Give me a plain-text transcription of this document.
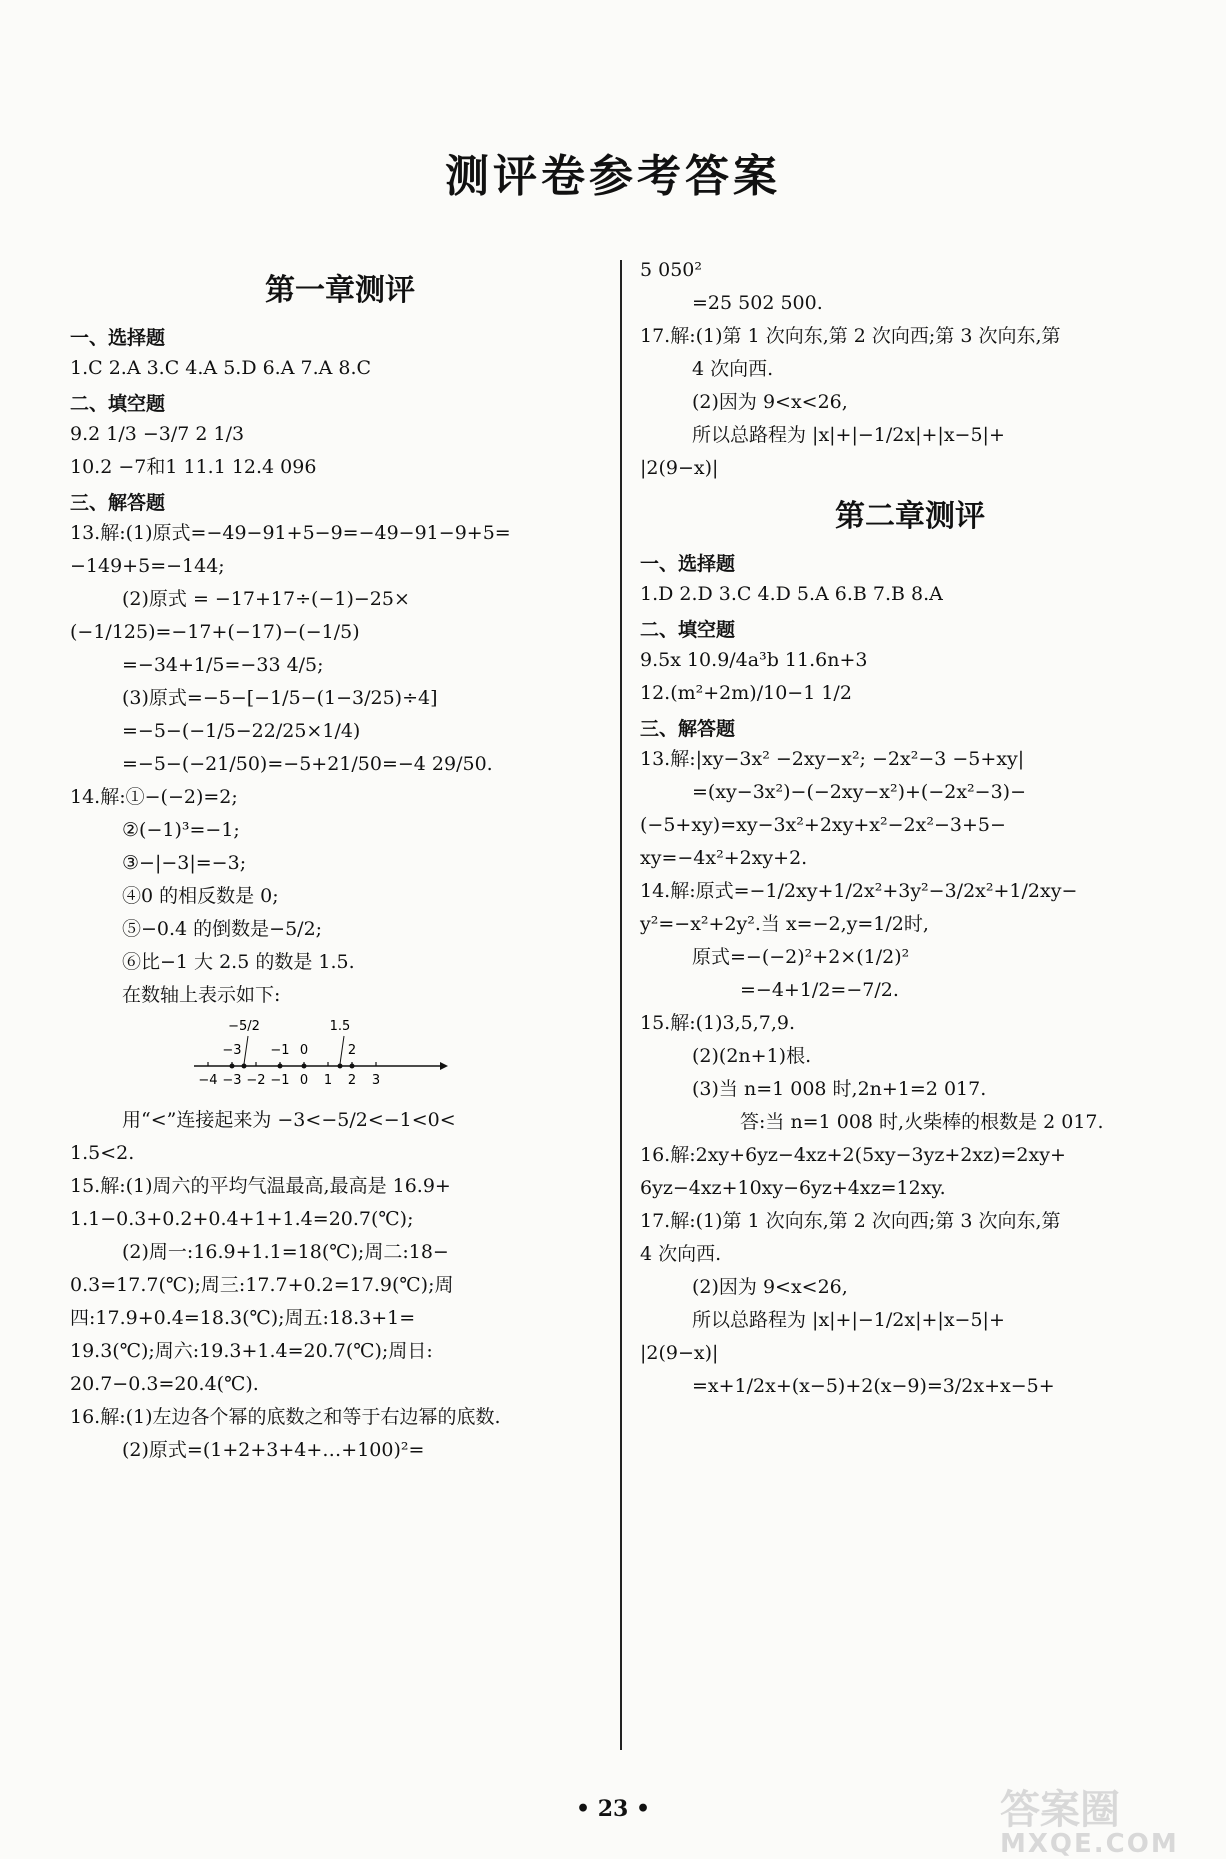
测评卷参考答案
第一章测评
一、选择题
1.C 2.A 3.C 4.A 5.D 6.A 7.A 8.C
二、填空题
9.2 1/3 −3/7 2 1/3
10.2 −7和1 11.1 12.4 096
三、解答题
13.解:(1)原式=−49−91+5−9=−49−91−9+5=
−149+5=−144;
(2)原式 = −17+17÷(−1)−25×
(−1/125)=−17+(−17)−(−1/5)
=−34+1/5=−33 4/5;
(3)原式=−5−[−1/5−(1−3/25)÷4]
=−5−(−1/5−22/25×1/4)
=−5−(−21/50)=−5+21/50=−4 29/50.
14.解:①−(−2)=2;
②(−1)³=−1;
③−|−3|=−3;
④0 的相反数是 0;
⑤−0.4 的倒数是−5/2;
⑥比−1 大 2.5 的数是 1.5.
在数轴上表示如下:
−4 −3 −2 −1 0 1 2 3
−3
−5/2
−1 0
1.5
2
用“<”连接起来为 −3<−5/2<−1<0<
1.5<2.
15.解:(1)周六的平均气温最高,最高是 16.9+
1.1−0.3+0.2+0.4+1+1.4=20.7(℃);
(2)周一:16.9+1.1=18(℃);周二:18−
0.3=17.7(℃);周三:17.7+0.2=17.9(℃);周
四:17.9+0.4=18.3(℃);周五:18.3+1=
19.3(℃);周六:19.3+1.4=20.7(℃);周日:
20.7−0.3=20.4(℃).
16.解:(1)左边各个幂的底数之和等于右边幂的底数.
(2)原式=(1+2+3+4+…+100)²=
5 050²
=25 502 500.
17.解:(1)第 1 次向东,第 2 次向西;第 3 次向东,第
4 次向西.
(2)因为 9<x<26,
所以总路程为 |x|+|−1/2x|+|x−5|+
|2(9−x)|
第二章测评
一、选择题
1.D 2.D 3.C 4.D 5.A 6.B 7.B 8.A
二、填空题
9.5x 10.9/4a³b 11.6n+3
12.(m²+2m)/10−1 1/2
三、解答题
13.解:|xy−3x² −2xy−x²; −2x²−3 −5+xy|
=(xy−3x²)−(−2xy−x²)+(−2x²−3)−
(−5+xy)=xy−3x²+2xy+x²−2x²−3+5−
xy=−4x²+2xy+2.
14.解:原式=−1/2xy+1/2x²+3y²−3/2x²+1/2xy−
y²=−x²+2y².当 x=−2,y=1/2时,
原式=−(−2)²+2×(1/2)²
=−4+1/2=−7/2.
15.解:(1)3,5,7,9.
(2)(2n+1)根.
(3)当 n=1 008 时,2n+1=2 017.
答:当 n=1 008 时,火柴棒的根数是 2 017.
16.解:2xy+6yz−4xz+2(5xy−3yz+2xz)=2xy+
6yz−4xz+10xy−6yz+4xz=12xy.
17.解:(1)第 1 次向东,第 2 次向西;第 3 次向东,第
4 次向西.
(2)因为 9<x<26,
所以总路程为 |x|+|−1/2x|+|x−5|+
|2(9−x)|
=x+1/2x+(x−5)+2(x−9)=3/2x+x−5+
• 23 •	答案圈
MXQE.COM
